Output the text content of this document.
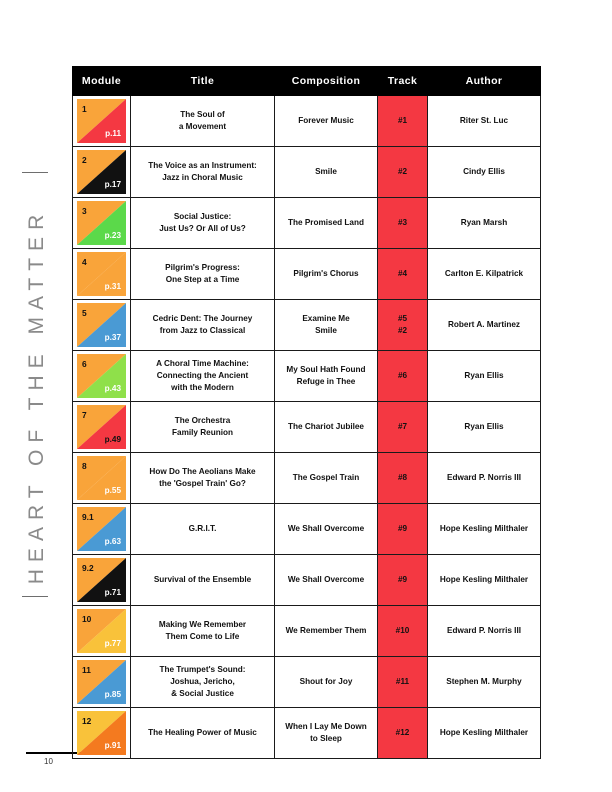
HEART OF THE MATTER
10
Module	Title	Composition	Track	Author

1
p.11	The Soul of
a Movement	Forever Music	#1	Riter St. Luc

2
p.17	The Voice as an Instrument:
Jazz in Choral Music	Smile	#2	Cindy Ellis

3
p.23	Social Justice:
Just Us? Or All of Us?	The Promised Land	#3	Ryan Marsh

4
p.31	Pilgrim's Progress:
One Step at a Time	Pilgrim's Chorus	#4	Carlton E. Kilpatrick

5
p.37	Cedric Dent: The Journey
from Jazz to Classical	Examine Me
Smile	#5
#2	Robert A. Martinez

6
p.43	A Choral Time Machine:
Connecting the Ancient
with the Modern	My Soul Hath Found
Refuge in Thee	#6	Ryan Ellis

7
p.49	The Orchestra
Family Reunion	The Chariot Jubilee	#7	Ryan Ellis

8
p.55	How Do The Aeolians Make
the 'Gospel Train' Go?	The Gospel Train	#8	Edward P. Norris III

9.1
p.63	G.R.I.T.	We Shall Overcome	#9	Hope Kesling Milthaler

9.2
p.71	Survival of the Ensemble	We Shall Overcome	#9	Hope Kesling Milthaler

10
p.77	Making We Remember
Them Come to Life	We Remember Them	#10	Edward P. Norris III

11
p.85	The Trumpet's Sound:
Joshua, Jericho,
& Social Justice	Shout for Joy	#11	Stephen M. Murphy

12
p.91	The Healing Power of Music	When I Lay Me Down
to Sleep	#12	Hope Kesling Milthaler
